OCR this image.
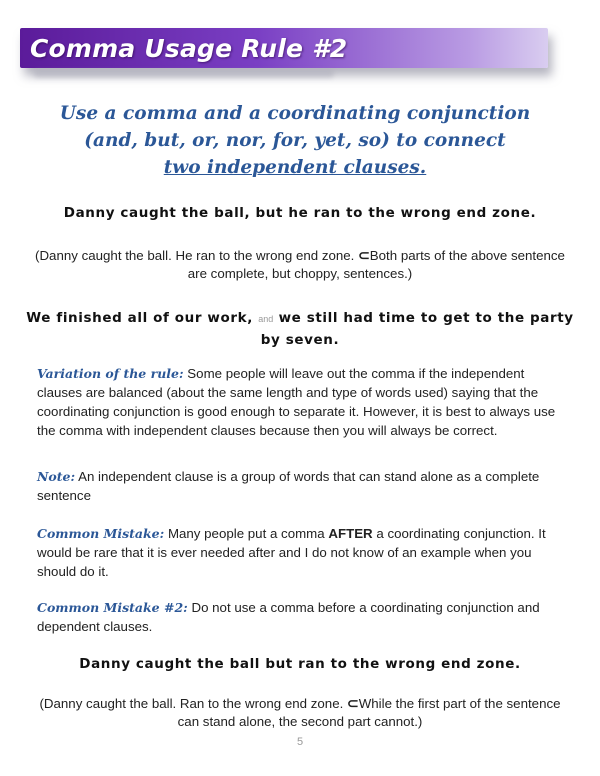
Comma Usage Rule #2
Use a comma and a coordinating conjunction
(and, but, or, nor, for, yet, so) to connect
two independent clauses.
Danny caught the ball, but he ran to the wrong end zone.
(Danny caught the ball. He ran to the wrong end zone. ⊂Both parts of the above sentence are complete, but choppy, sentences.)
We finished all of our work, and we still had time to get to the party by seven.
Variation of the rule: Some people will leave out the comma if the independent clauses are balanced (about the same length and type of words used) saying that the coordinating conjunction is good enough to separate it. However, it is best to always use the comma with independent clauses because then you will always be correct.
Note: An independent clause is a group of words that can stand alone as a complete sentence
Common Mistake: Many people put a comma AFTER a coordinating conjunction. It would be rare that it is ever needed after and I do not know of an example when you should do it.
Common Mistake #2: Do not use a comma before a coordinating conjunction and dependent clauses.
Danny caught the ball but ran to the wrong end zone.
(Danny caught the ball. Ran to the wrong end zone. ⊂While the first part of the sentence can stand alone, the second part cannot.)
5
